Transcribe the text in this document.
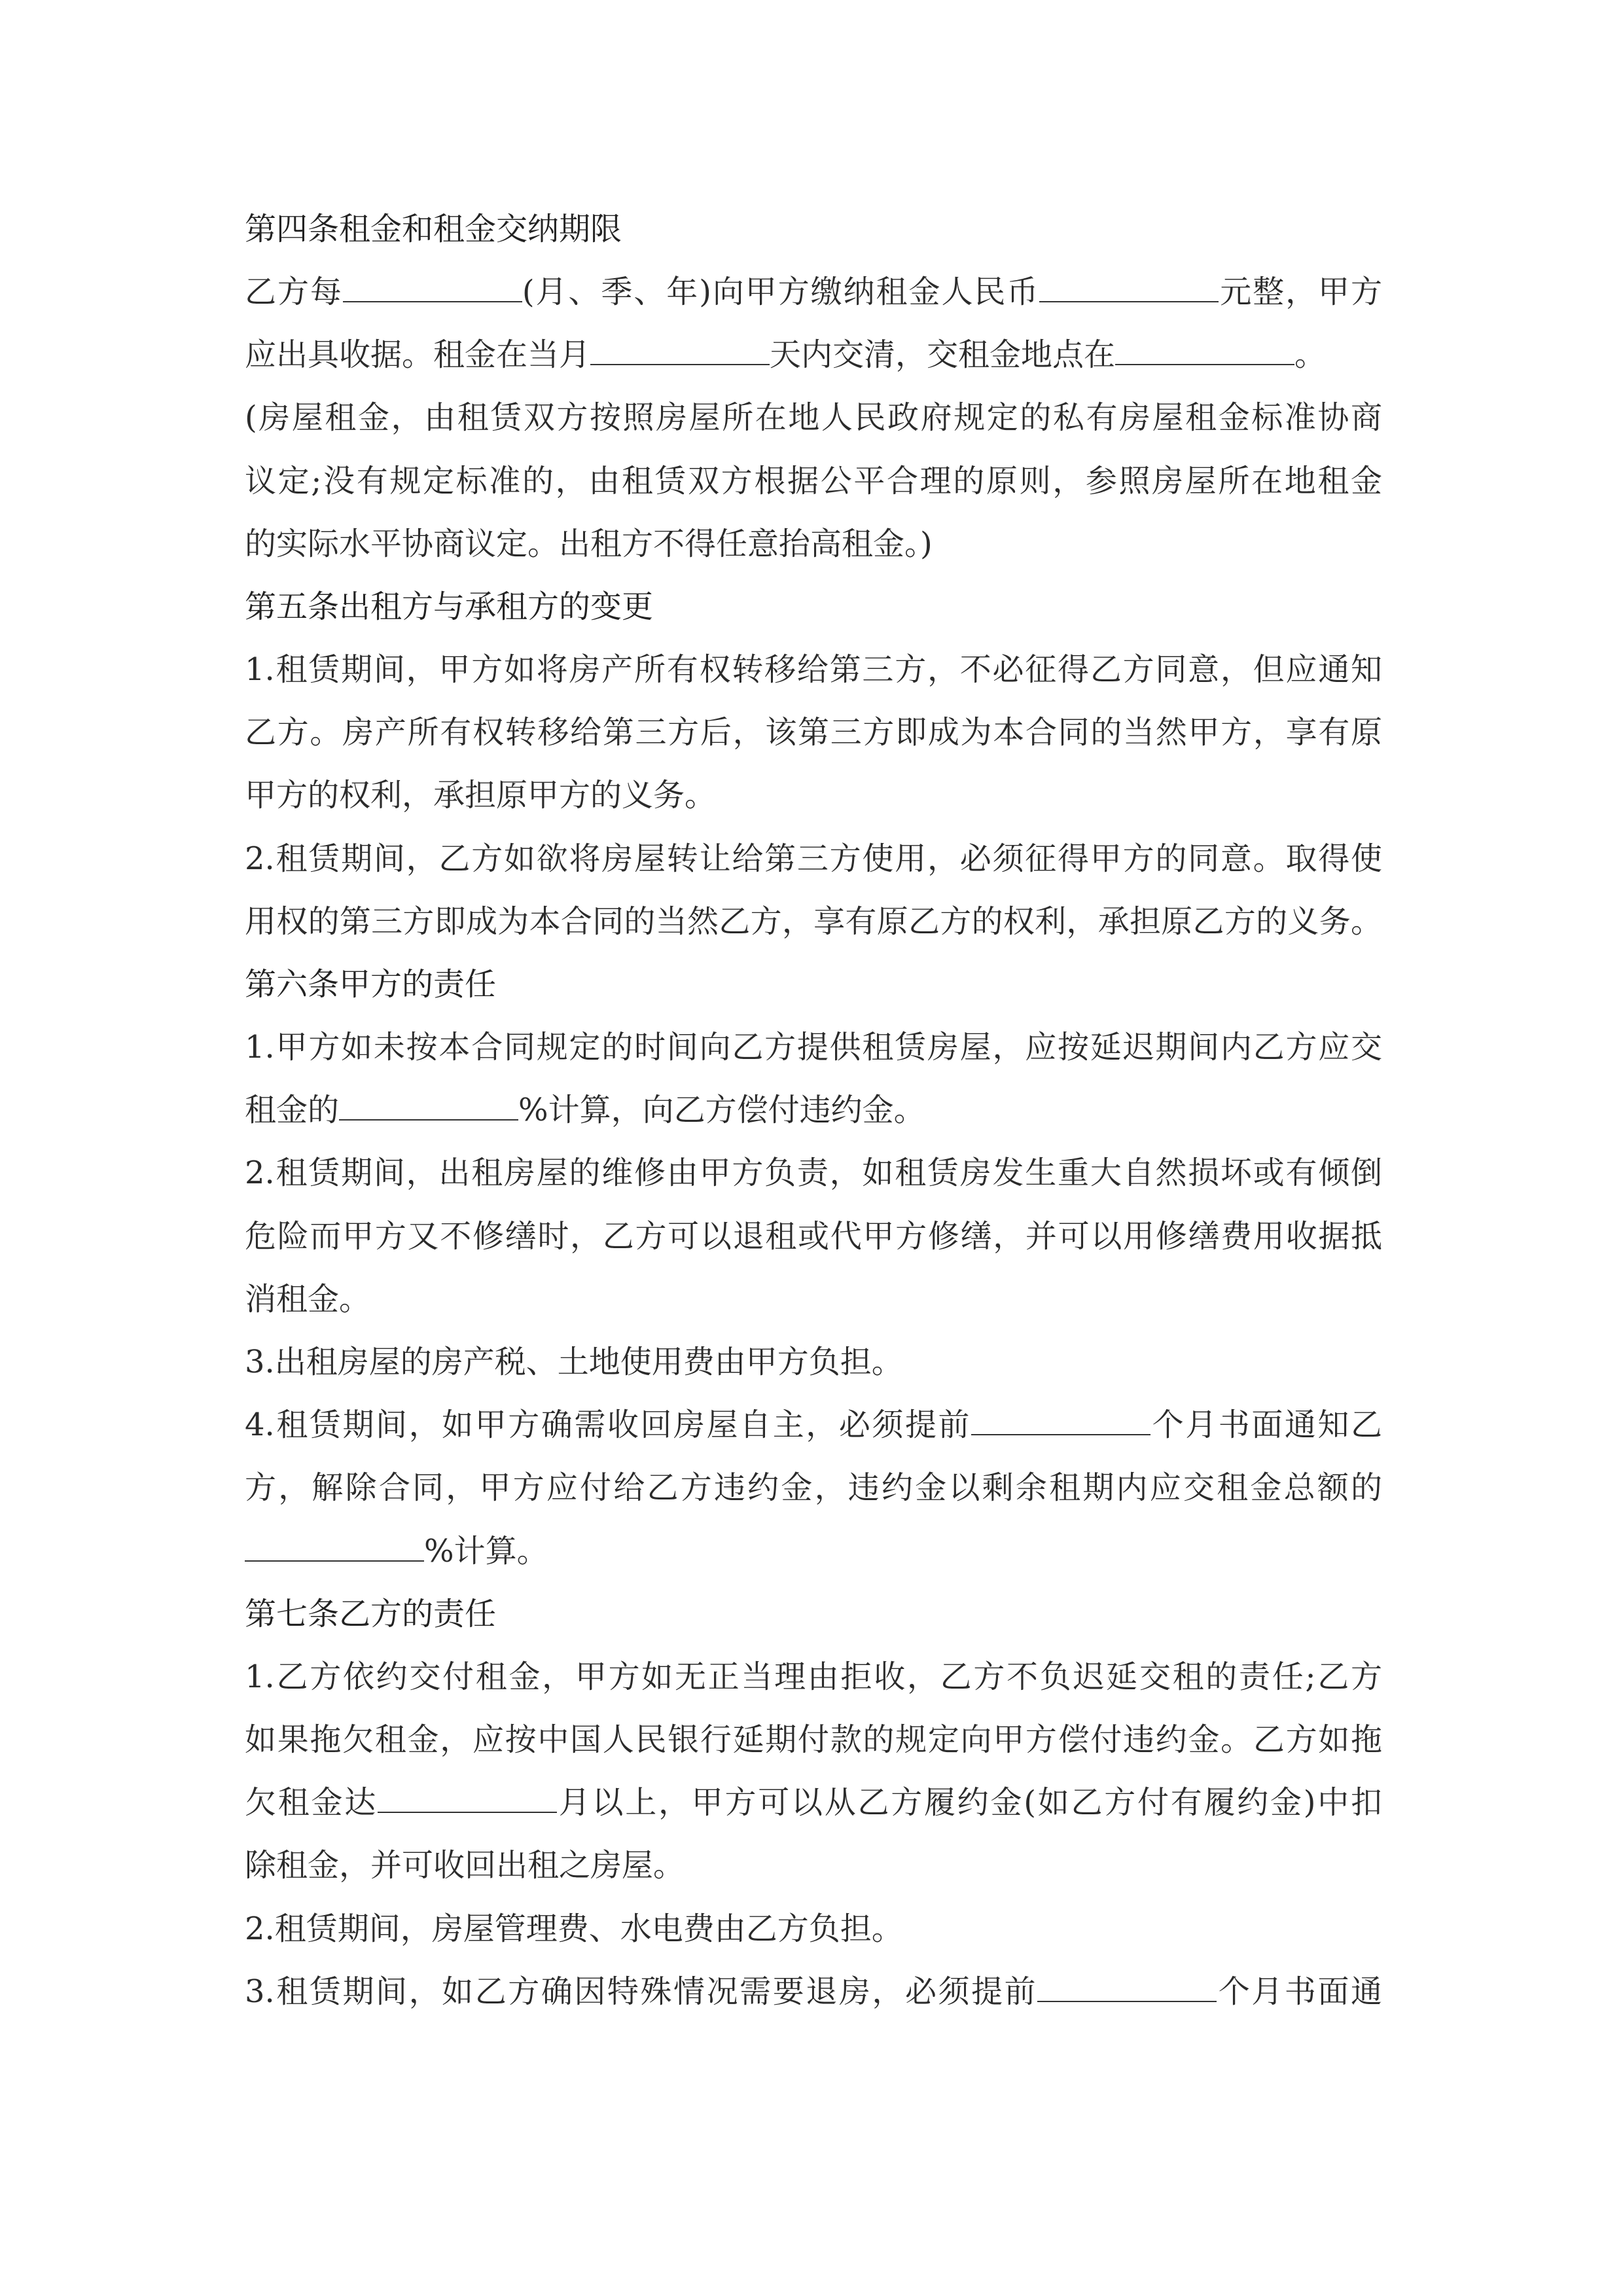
第四条租金和租金交纳期限

乙方每	(月、季、年)向甲方缴纳租金人民币	元整，甲方

应出具收据。租金在当月	天内交清，交租金地点在	。

(房屋租金，由租赁双方按照房屋所在地人民政府规定的私有房屋租金标准协商

议定;没有规定标准的，由租赁双方根据公平合理的原则，参照房屋所在地租金

的实际水平协商议定。出租方不得任意抬高租金。)

第五条出租方与承租方的变更

1.租赁期间，甲方如将房产所有权转移给第三方，不必征得乙方同意，但应通知

乙方。房产所有权转移给第三方后，该第三方即成为本合同的当然甲方，享有原

甲方的权利，承担原甲方的义务。

2.租赁期间，乙方如欲将房屋转让给第三方使用，必须征得甲方的同意。取得使

用权的第三方即成为本合同的当然乙方，享有原乙方的权利，承担原乙方的义务。

第六条甲方的责任

1.甲方如未按本合同规定的时间向乙方提供租赁房屋，应按延迟期间内乙方应交

租金的	%计算，向乙方偿付违约金。

2.租赁期间，出租房屋的维修由甲方负责，如租赁房发生重大自然损坏或有倾倒

危险而甲方又不修缮时，乙方可以退租或代甲方修缮，并可以用修缮费用收据抵

消租金。

3.出租房屋的房产税、土地使用费由甲方负担。

4.租赁期间，如甲方确需收回房屋自主，必须提前	个月书面通知乙

方，解除合同，甲方应付给乙方违约金，违约金以剩余租期内应交租金总额的

%计算。

第七条乙方的责任

1.乙方依约交付租金，甲方如无正当理由拒收，乙方不负迟延交租的责任;乙方

如果拖欠租金，应按中国人民银行延期付款的规定向甲方偿付违约金。乙方如拖

欠租金达	月以上，甲方可以从乙方履约金(如乙方付有履约金)中扣

除租金，并可收回出租之房屋。

2.租赁期间，房屋管理费、水电费由乙方负担。

3.租赁期间，如乙方确因特殊情况需要退房，必须提前	个月书面通
